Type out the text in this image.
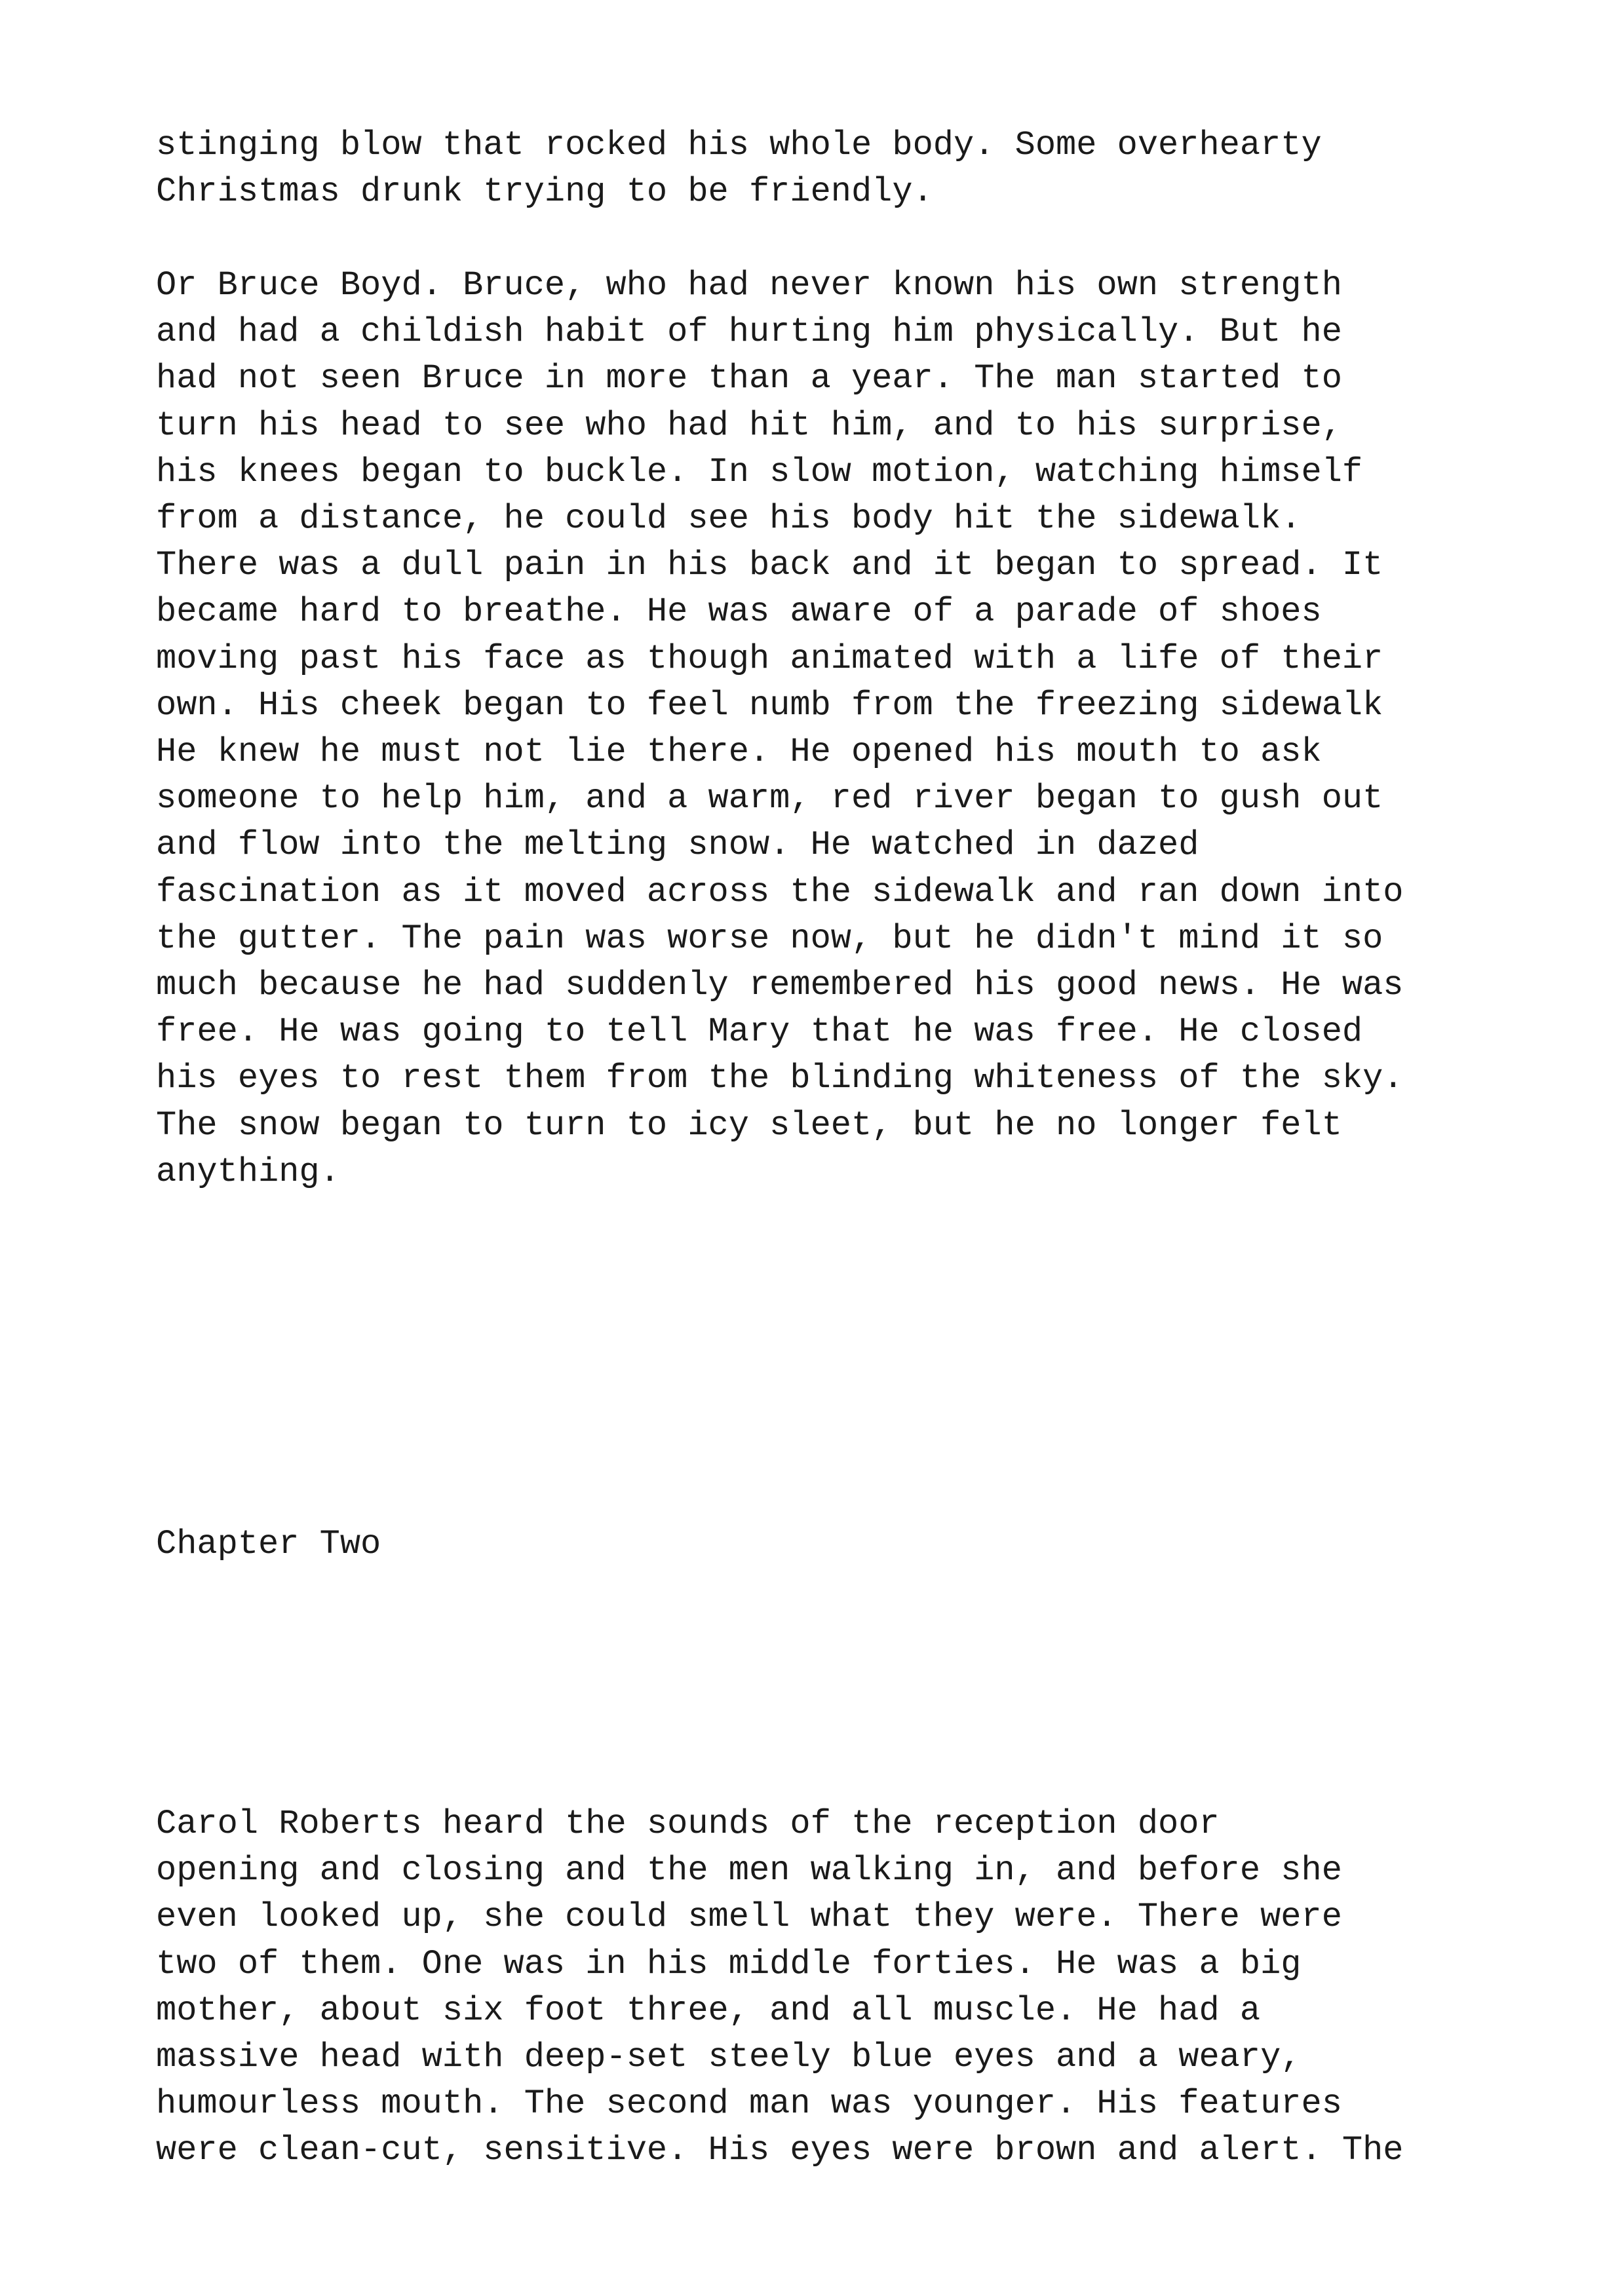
stinging blow that rocked his whole body. Some overhearty
Christmas drunk trying to be friendly.

Or Bruce Boyd. Bruce, who had never known his own strength
and had a childish habit of hurting him physically. But he
had not seen Bruce in more than a year. The man started to
turn his head to see who had hit him, and to his surprise,
his knees began to buckle. In slow motion, watching himself
from a distance, he could see his body hit the sidewalk.
There was a dull pain in his back and it began to spread. It
became hard to breathe. He was aware of a parade of shoes
moving past his face as though animated with a life of their
own. His cheek began to feel numb from the freezing sidewalk
He knew he must not lie there. He opened his mouth to ask
someone to help him, and a warm, red river began to gush out
and flow into the melting snow. He watched in dazed
fascination as it moved across the sidewalk and ran down into
the gutter. The pain was worse now, but he didn't mind it so
much because he had suddenly remembered his good news. He was
free. He was going to tell Mary that he was free. He closed
his eyes to rest them from the blinding whiteness of the sky.
The snow began to turn to icy sleet, but he no longer felt
anything.

Chapter Two

Carol Roberts heard the sounds of the reception door
opening and closing and the men walking in, and before she
even looked up, she could smell what they were. There were
two of them. One was in his middle forties. He was a big
mother, about six foot three, and all muscle. He had a
massive head with deep-set steely blue eyes and a weary,
humourless mouth. The second man was younger. His features
were clean-cut, sensitive. His eyes were brown and alert. The
